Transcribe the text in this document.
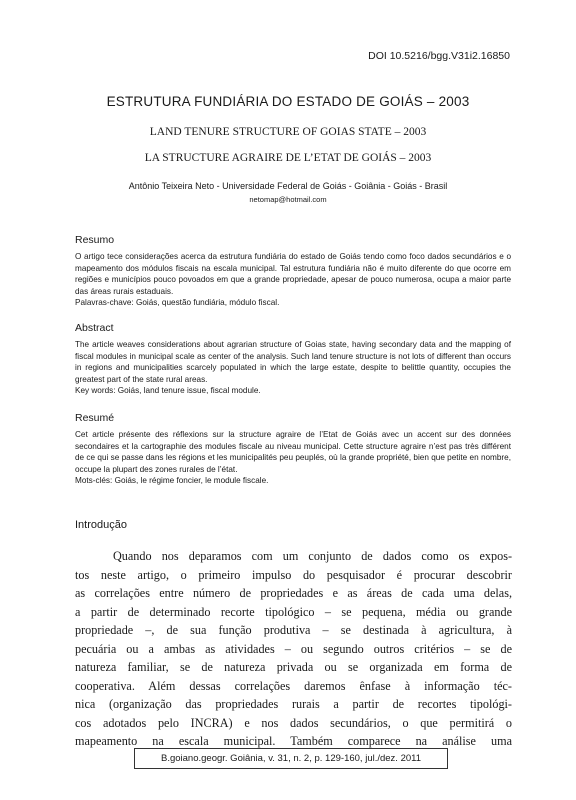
DOI 10.5216/bgg.V31i2.16850
ESTRUTURA FUNDIÁRIA DO ESTADO DE GOIÁS – 2003
LAND TENURE STRUCTURE OF GOIAS STATE – 2003
LA STRUCTURE AGRAIRE DE L’ETAT DE GOIÁS – 2003
Antônio Teixeira Neto - Universidade Federal de Goiás - Goiânia - Goiás - Brasil
netomap@hotmail.com
Resumo

O artigo tece considerações acerca da estrutura fundiária do estado de Goiás tendo como foco dados secundários e o mapeamento dos módulos fiscais na escala municipal. Tal estrutura fundiária não é muito diferente do que ocorre em regiões e municípios pouco povoados em que a grande propriedade, apesar de pouco numerosa, ocupa a maior parte das áreas rurais estaduais.

Palavras-chave: Goiás, questão fundiária, módulo fiscal.
Abstract

The article weaves considerations about agrarian structure of Goias state, having secondary data and the mapping of fiscal modules in municipal scale as center of the analysis. Such land tenure structure is not lots of different than occurs in regions and municipalities scarcely populated in which the large estate, despite to belittle quantity, occupies the greatest part of the state rural areas.

Key words: Goiás, land tenure issue, fiscal module.
Resumé

Cet article présente des réflexions sur la structure agraire de l’Etat de Goiás avec un accent sur des données secondaires et la cartographie des modules fiscale au niveau municipal. Cette structure agraire n’est pas très différent de ce qui se passe dans les régions et les municipalités peu peuplés, où la grande propriété, bien que petite en nombre, occupe la plupart des zones rurales de l’état.

Mots-clés: Goiás, le régime foncier, le module fiscale.
Introdução
Quando nos deparamos com um conjunto de dados como os expos-
tos neste artigo, o primeiro impulso do pesquisador é procurar descobrir
as correlações entre número de propriedades e as áreas de cada uma delas,
a partir de determinado recorte tipológico – se pequena, média ou grande
propriedade –, de sua função produtiva – se destinada à agricultura, à
pecuária ou a ambas as atividades – ou segundo outros critérios – se de
natureza familiar, se de natureza privada ou se organizada em forma de
cooperativa. Além dessas correlações daremos ênfase à informação téc-
nica (organização das propriedades rurais a partir de recortes tipológi-
cos adotados pelo INCRA) e nos dados secundários, o que permitirá o
mapeamento na escala municipal. Também comparece na análise uma
B.goiano.geogr. Goiânia, v. 31, n. 2, p. 129-160, jul./dez. 2011
